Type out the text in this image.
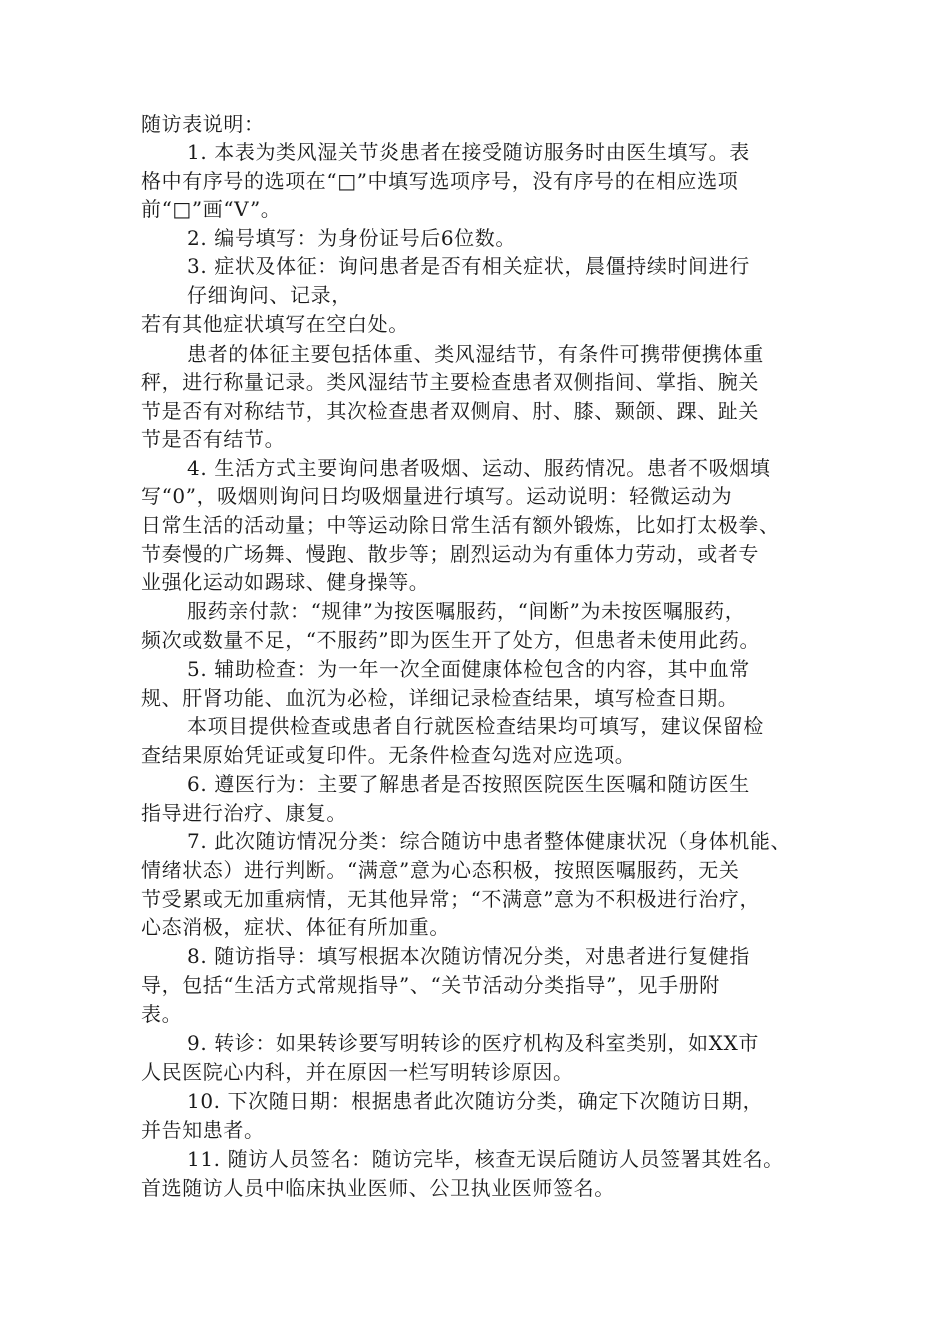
随访表说明：

1. 本表为类风湿关节炎患者在接受随访服务时由医生填写。表

格中有序号的选项在“□”中填写选项序号，没有序号的在相应选项

前“□”画“V”。

2. 编号填写：为身份证号后6位数。

3. 症状及体征：询问患者是否有相关症状，晨僵持续时间进行

仔细询问、记录，

若有其他症状填写在空白处。

患者的体征主要包括体重、类风湿结节，有条件可携带便携体重

秤，进行称量记录。类风湿结节主要检查患者双侧指间、掌指、腕关

节是否有对称结节，其次检查患者双侧肩、肘、膝、颞颌、踝、趾关

节是否有结节。

4. 生活方式主要询问患者吸烟、运动、服药情况。患者不吸烟填

写“0”，吸烟则询问日均吸烟量进行填写。运动说明：轻微运动为

日常生活的活动量；中等运动除日常生活有额外锻炼，比如打太极拳、

节奏慢的广场舞、慢跑、散步等；剧烈运动为有重体力劳动，或者专

业强化运动如踢球、健身操等。

服药亲付款：“规律”为按医嘱服药，“间断”为未按医嘱服药，

频次或数量不足，“不服药”即为医生开了处方，但患者未使用此药。

5. 辅助检查：为一年一次全面健康体检包含的内容，其中血常

规、肝肾功能、血沉为必检，详细记录检查结果，填写检查日期。

本项目提供检查或患者自行就医检查结果均可填写，建议保留检

查结果原始凭证或复印件。无条件检查勾选对应选项。

6. 遵医行为：主要了解患者是否按照医院医生医嘱和随访医生

指导进行治疗、康复。

7. 此次随访情况分类：综合随访中患者整体健康状况（身体机能、

情绪状态）进行判断。“满意”意为心态积极，按照医嘱服药，无关

节受累或无加重病情，无其他异常；“不满意”意为不积极进行治疗，

心态消极，症状、体征有所加重。

8. 随访指导：填写根据本次随访情况分类，对患者进行复健指

导，包括“生活方式常规指导”、“关节活动分类指导”，见手册附

表。

9. 转诊：如果转诊要写明转诊的医疗机构及科室类别，如XX市

人民医院心内科，并在原因一栏写明转诊原因。

10. 下次随日期：根据患者此次随访分类，确定下次随访日期，

并告知患者。

11. 随访人员签名：随访完毕，核查无误后随访人员签署其姓名。

首选随访人员中临床执业医师、公卫执业医师签名。
